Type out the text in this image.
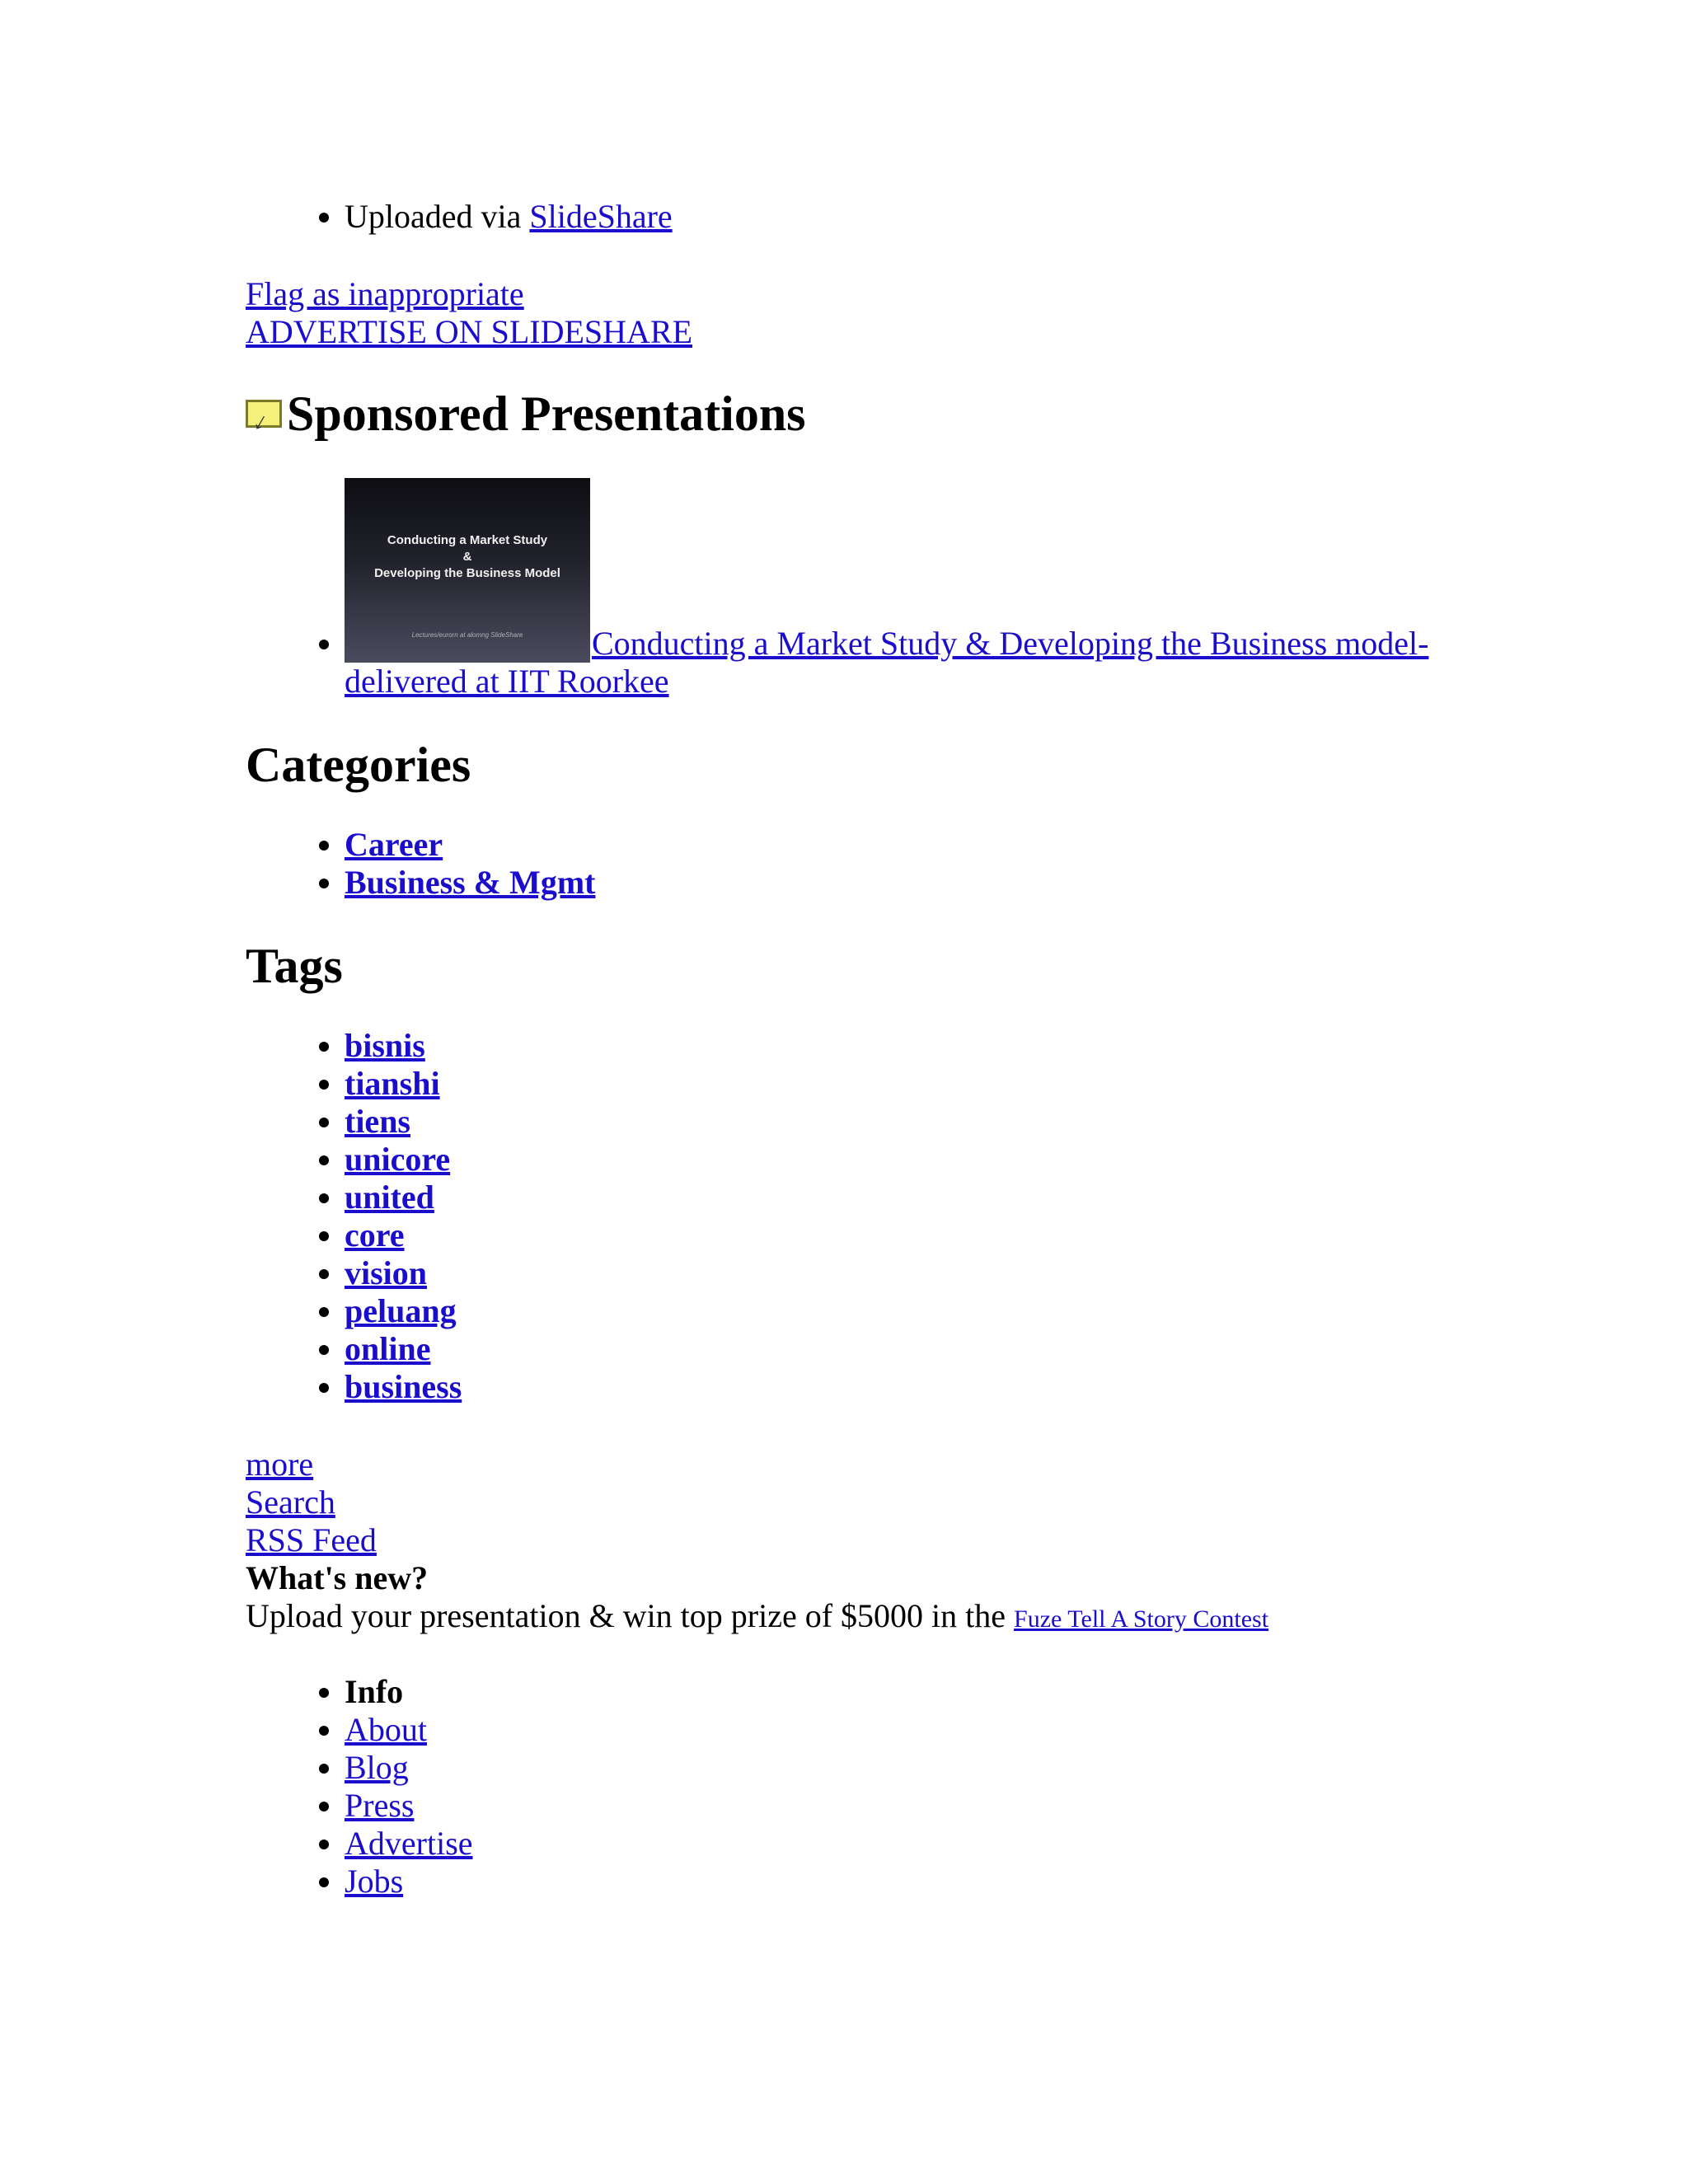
• Uploaded via SlideShare
Flag as inappropriate
ADVERTISE ON SLIDESHARE
↓
Sponsored Presentations
• Conducting a Market Study
&
Developing the Business Model
Lectures/eurorn at alomng SlideShare	Conducting a Market Study & Developing the Business model- delivered at IIT Roorkee
Categories
• Career
• Business & Mgmt
Tags
• bisnis
• tianshi
• tiens
• unicore
• united
• core
• vision
• peluang
• online
• business
more
Search
RSS Feed
What's new?
Upload your presentation & win top prize of $5000 in the Fuze Tell A Story Contest
• Info
• About
• Blog
• Press
• Advertise
• Jobs
